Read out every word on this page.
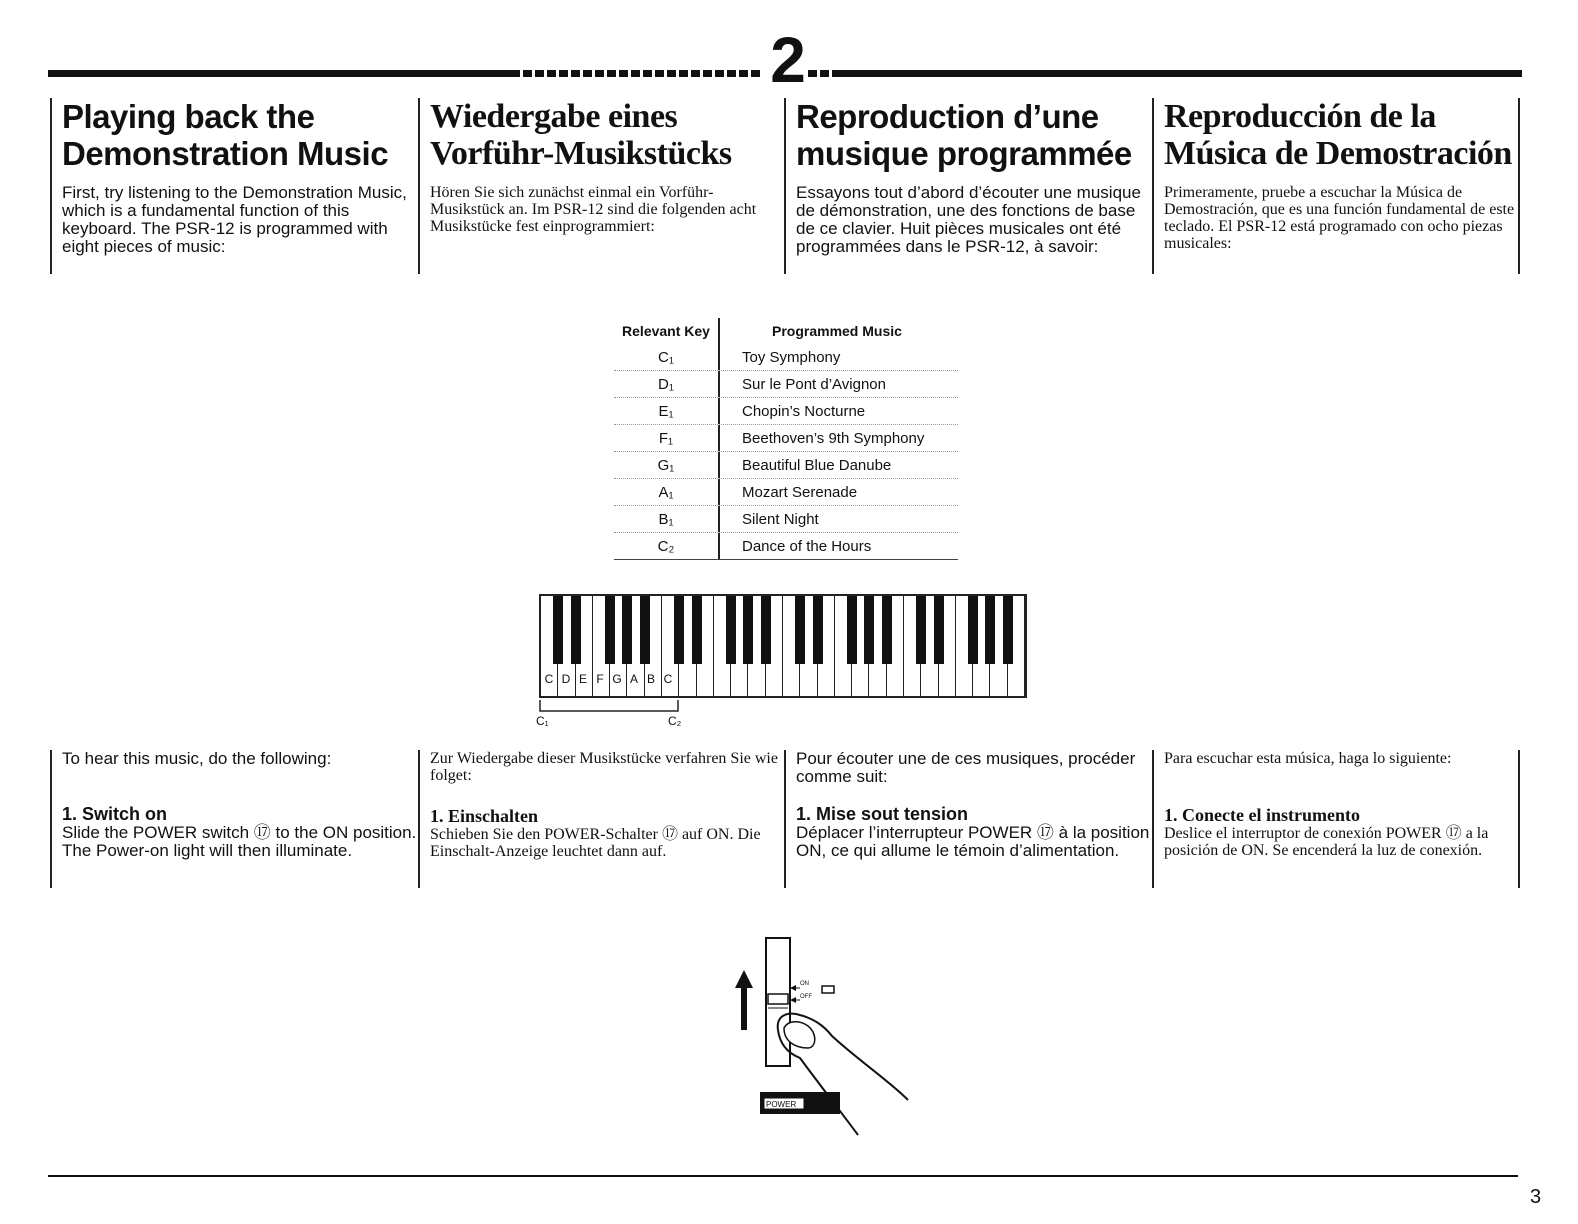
2
Playing back the
Demonstration Music

First, try listening to the Demonstration Music, which is a fundamental function of this keyboard. The PSR-12 is programmed with eight pieces of music:

Wiedergabe eines
Vorführ-Musikstücks

Hören Sie sich zunächst einmal ein Vorführ-Musikstück an. Im PSR-12 sind die folgenden acht Musikstücke fest einprogrammiert:

Reproduction d’une
musique programmée

Essayons tout d’abord d’écouter une musique de démonstration, une des fonctions de base de ce clavier. Huit pièces musicales ont été programmées dans le PSR-12, à savoir:

Reproducción de la
Música de Demostración

Primeramente, pruebe a escuchar la Música de Demostración, que es una función fundamental de este teclado. El PSR-12 está programado con ocho piezas musicales:

Relevant Key	Programmed Music
C₁	Toy Symphony
D₁	Sur le Pont d’Avignon
E₁	Chopin’s Nocturne
F₁	Beethoven’s 9th Symphony
G₁	Beautiful Blue Danube
A₁	Mozart Serenade
B₁	Silent Night
C₂	Dance of the Hours
C D E F G A B C
C₁	C₂

To hear this music, do the following:

1. Switch on

Slide the POWER switch ⑰ to the ON position. The Power-on light will then illuminate.

Zur Wiedergabe dieser Musikstücke verfahren Sie wie folget:

1. Einschalten

Schieben Sie den POWER-Schalter ⑰ auf ON. Die Einschalt-Anzeige leuchtet dann auf.

Pour écouter une de ces musiques, procéder comme suit:

1. Mise sout tension

Déplacer l’interrupteur POWER ⑰ à la position ON, ce qui allume le témoin d’alimentation.

Para escuchar esta música, haga lo siguiente:

1. Conecte el instrumento

Deslice el interruptor de conexión POWER ⑰ a la posición de ON. Se encenderá la luz de conexión.

ON
OFF
POWER
3
